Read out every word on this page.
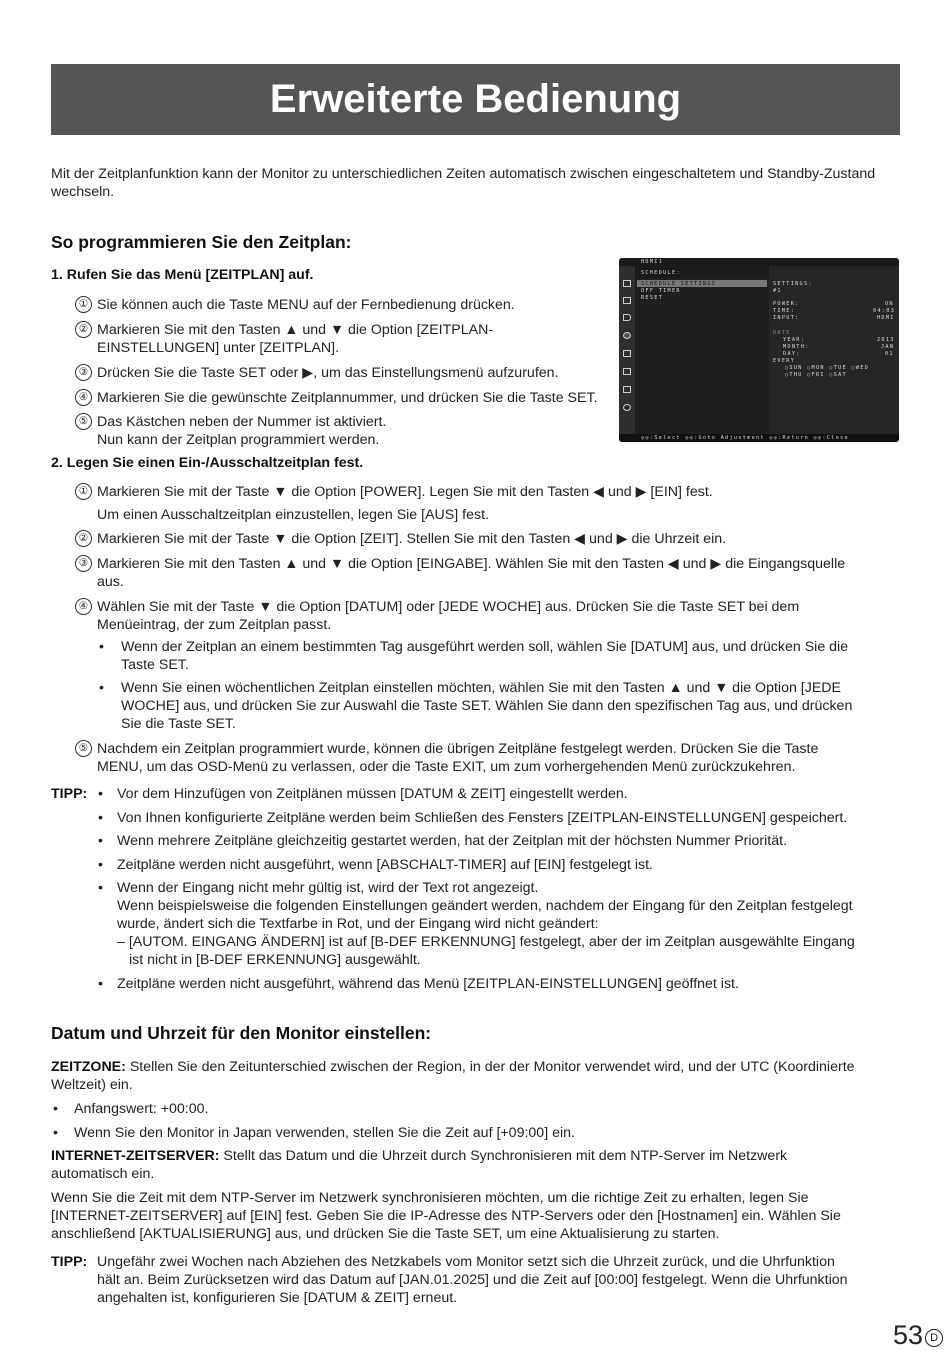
Erweiterte Bedienung
Mit der Zeitplanfunktion kann der Monitor zu unterschiedlichen Zeiten automatisch zwischen eingeschaltetem und Standby-Zustand wechseln.
So programmieren Sie den Zeitplan:
1. Rufen Sie das Menü [ZEITPLAN] auf.
① Sie können auch die Taste MENU auf der Fernbedienung drücken.
② Markieren Sie mit den Tasten ▲ und ▼ die Option [ZEITPLAN-
EINSTELLUNGEN] unter [ZEITPLAN].
③ Drücken Sie die Taste SET oder ▶, um das Einstellungsmenü aufzurufen.
④ Markieren Sie die gewünschte Zeitplannummer, und drücken Sie die Taste SET.
⑤ Das Kästchen neben der Nummer ist aktiviert.
Nun kann der Zeitplan programmiert werden.
HDMI1
SCHEDULE:
SCHEDULE SETTINGS
OFF TIMER
RESET
SETTINGS:
#1
POWER:	ON
TIME:	04:03
INPUT:	HDMI
DATE
YEAR:	2013
MONTH:	JAN
DAY:	01
EVERY
○SUN ○MON ○TUE ○WED
○THU ○FRI ○SAT
◎◎:Select ◎◎:Goto Adjustment ◎◎:Return ◎◎:Close
2. Legen Sie einen Ein-/Ausschaltzeitplan fest.
① Markieren Sie mit der Taste ▼ die Option [POWER]. Legen Sie mit den Tasten ◀ und ▶ [EIN] fest.
Um einen Ausschaltzeitplan einzustellen, legen Sie [AUS] fest.
② Markieren Sie mit der Taste ▼ die Option [ZEIT]. Stellen Sie mit den Tasten ◀ und ▶ die Uhrzeit ein.
③ Markieren Sie mit den Tasten ▲ und ▼ die Option [EINGABE]. Wählen Sie mit den Tasten ◀ und ▶ die Eingangsquelle
aus.
④ Wählen Sie mit der Taste ▼ die Option [DATUM] oder [JEDE WOCHE] aus. Drücken Sie die Taste SET bei dem
Menüeintrag, der zum Zeitplan passt.
• Wenn der Zeitplan an einem bestimmten Tag ausgeführt werden soll, wählen Sie [DATUM] aus, und drücken Sie die
Taste SET.
• Wenn Sie einen wöchentlichen Zeitplan einstellen möchten, wählen Sie mit den Tasten ▲ und ▼ die Option [JEDE
WOCHE] aus, und drücken Sie zur Auswahl die Taste SET. Wählen Sie dann den spezifischen Tag aus, und drücken
Sie die Taste SET.
⑤ Nachdem ein Zeitplan programmiert wurde, können die übrigen Zeitpläne festgelegt werden. Drücken Sie die Taste
MENU, um das OSD-Menü zu verlassen, oder die Taste EXIT, um zum vorhergehenden Menü zurückzukehren.
TIPP: • Vor dem Hinzufügen von Zeitplänen müssen [DATUM & ZEIT] eingestellt werden.
• Von Ihnen konfigurierte Zeitpläne werden beim Schließen des Fensters [ZEITPLAN-EINSTELLUNGEN] gespeichert.
• Wenn mehrere Zeitpläne gleichzeitig gestartet werden, hat der Zeitplan mit der höchsten Nummer Priorität.
• Zeitpläne werden nicht ausgeführt, wenn [ABSCHALT-TIMER] auf [EIN] festgelegt ist.
• Wenn der Eingang nicht mehr gültig ist, wird der Text rot angezeigt.
Wenn beispielsweise die folgenden Einstellungen geändert werden, nachdem der Eingang für den Zeitplan festgelegt
wurde, ändert sich die Textfarbe in Rot, und der Eingang wird nicht geändert:
– [AUTOM. EINGANG ÄNDERN] ist auf [B-DEF ERKENNUNG] festgelegt, aber der im Zeitplan ausgewählte Eingang
ist nicht in [B-DEF ERKENNUNG] ausgewählt.
• Zeitpläne werden nicht ausgeführt, während das Menü [ZEITPLAN-EINSTELLUNGEN] geöffnet ist.
Datum und Uhrzeit für den Monitor einstellen:
ZEITZONE: Stellen Sie den Zeitunterschied zwischen der Region, in der der Monitor verwendet wird, und der UTC (Koordinierte
Weltzeit) ein.
• Anfangswert: +00:00.
• Wenn Sie den Monitor in Japan verwenden, stellen Sie die Zeit auf [+09:00] ein.
INTERNET-ZEITSERVER: Stellt das Datum und die Uhrzeit durch Synchronisieren mit dem NTP-Server im Netzwerk
automatisch ein.
Wenn Sie die Zeit mit dem NTP-Server im Netzwerk synchronisieren möchten, um die richtige Zeit zu erhalten, legen Sie
[INTERNET-ZEITSERVER] auf [EIN] fest. Geben Sie die IP-Adresse des NTP-Servers oder den [Hostnamen] ein. Wählen Sie
anschließend [AKTUALISIERUNG] aus, und drücken Sie die Taste SET, um eine Aktualisierung zu starten.
TIPP: Ungefähr zwei Wochen nach Abziehen des Netzkabels vom Monitor setzt sich die Uhrzeit zurück, und die Uhrfunktion
hält an. Beim Zurücksetzen wird das Datum auf [JAN.01.2025] und die Zeit auf [00:00] festgelegt. Wenn die Uhrfunktion
angehalten ist, konfigurieren Sie [DATUM & ZEIT] erneut.
53 D
